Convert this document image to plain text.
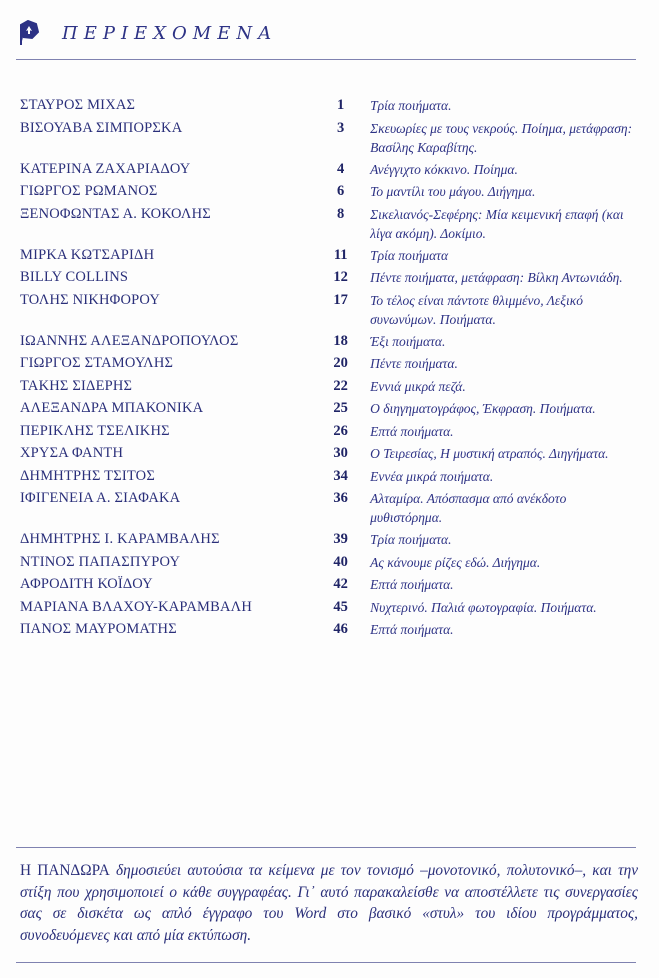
ΠΕΡΙΕΧΟΜΕΝΑ
ΣΤΑΥΡΟΣ ΜΙΧΑΣ	1	Τρία ποιήματα.
ΒΙΣΟΥΑΒΑ ΣΙΜΠΟΡΣΚΑ	3	Σκευωρίες με τους νεκρούς. Ποίημα, μετάφραση: Βασίλης Καραβίτης.
ΚΑΤΕΡΙΝΑ ΖΑΧΑΡΙΑΔΟΥ	4	Ανέγγιχτο κόκκινο. Ποίημα.
ΓΙΩΡΓΟΣ ΡΩΜΑΝΟΣ	6	Το μαντίλι του μάγου. Διήγημα.
ΞΕΝΟΦΩΝΤΑΣ Α. ΚΟΚΟΛΗΣ	8	Σικελιανός-Σεφέρης: Μία κειμενική επαφή (και λίγα ακόμη). Δοκίμιο.
ΜΙΡΚΑ ΚΩΤΣΑΡΙΔΗ	11	Τρία ποιήματα
BILLY COLLINS	12	Πέντε ποιήματα, μετάφραση: Βίλκη Αντωνιάδη.
ΤΟΛΗΣ ΝΙΚΗΦΟΡΟΥ	17	Το τέλος είναι πάντοτε θλιμμένο, Λεξικό συνωνύμων. Ποιήματα.
ΙΩΑΝΝΗΣ ΑΛΕΞΑΝΔΡΟΠΟΥΛΟΣ	18	Έξι ποιήματα.
ΓΙΩΡΓΟΣ ΣΤΑΜΟΥΛΗΣ	20	Πέντε ποιήματα.
ΤΑΚΗΣ ΣΙΔΕΡΗΣ	22	Εννιά μικρά πεζά.
ΑΛΕΞΑΝΔΡΑ ΜΠΑΚΟΝΙΚΑ	25	Ο διηγηματογράφος, Έκφραση. Ποιήματα.
ΠΕΡΙΚΛΗΣ ΤΣΕΛΙΚΗΣ	26	Επτά ποιήματα.
ΧΡΥΣΑ ΦΑΝΤΗ	30	Ο Τειρεσίας, Η μυστική ατραπός. Διηγήματα.
ΔΗΜΗΤΡΗΣ ΤΣΙΤΟΣ	34	Εννέα μικρά ποιήματα.
ΙΦΙΓΕΝΕΙΑ Α. ΣΙΑΦΑΚΑ	36	Αλταμίρα. Απόσπασμα από ανέκδοτο μυθιστόρημα.
ΔΗΜΗΤΡΗΣ Ι. ΚΑΡΑΜΒΑΛΗΣ	39	Τρία ποιήματα.
ΝΤΙΝΟΣ ΠΑΠΑΣΠΥΡΟΥ	40	Ας κάνουμε ρίζες εδώ. Διήγημα.
ΑΦΡΟΔΙΤΗ ΚΟΪΔΟΥ	42	Επτά ποιήματα.
ΜΑΡΙΑΝΑ ΒΛΑΧΟΥ-ΚΑΡΑΜΒΑΛΗ	45	Νυχτερινό. Παλιά φωτογραφία. Ποιήματα.
ΠΑΝΟΣ ΜΑΥΡΟΜΑΤΗΣ	46	Επτά ποιήματα.
Η ΠΑΝΔΩΡΑ δημοσιεύει αυτούσια τα κείμενα με τον τονισμό –μονοτονικό, πολυτονικό–, και την στίξη που χρησιμοποιεί ο κάθε συγγραφέας. Γι᾽ αυτό παρακαλείσθε να αποστέλλετε τις συνεργασίες σας σε δισκέτα ως απλό έγγραφο του Word στο βασικό «στυλ» του ιδίου προγράμματος, συνοδευόμενες και από μία εκτύπωση.
